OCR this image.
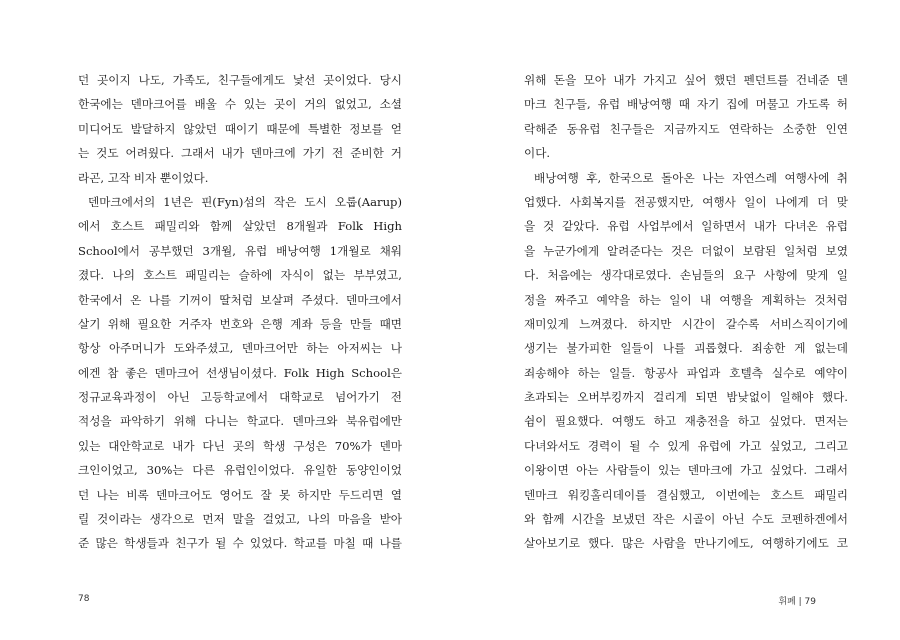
던 곳이지 나도, 가족도, 친구들에게도 낯선 곳이었다. 당시
한국에는 덴마크어를 배울 수 있는 곳이 거의 없었고, 소셜
미디어도 발달하지 않았던 때이기 때문에 특별한 정보를 얻
는 것도 어려웠다. 그래서 내가 덴마크에 가기 전 준비한 거
라곤, 고작 비자 뿐이었다.
덴마크에서의 1년은 핀(Fyn)섬의 작은 도시 오룹(Aarup)
에서 호스트 패밀리와 함께 살았던 8개월과 Folk High
School에서 공부했던 3개월, 유럽 배낭여행 1개월로 채워
졌다. 나의 호스트 패밀리는 슬하에 자식이 없는 부부였고,
한국에서 온 나를 기꺼이 딸처럼 보살펴 주셨다. 덴마크에서
살기 위해 필요한 거주자 번호와 은행 계좌 등을 만들 때면
항상 아주머니가 도와주셨고, 덴마크어만 하는 아저씨는 나
에겐 참 좋은 덴마크어 선생님이셨다. Folk High School은
정규교육과정이 아닌 고등학교에서 대학교로 넘어가기 전
적성을 파악하기 위해 다니는 학교다. 덴마크와 북유럽에만
있는 대안학교로 내가 다닌 곳의 학생 구성은 70%가 덴마
크인이었고, 30%는 다른 유럽인이었다. 유일한 동양인이었
던 나는 비록 덴마크어도 영어도 잘 못 하지만 두드리면 열
릴 것이라는 생각으로 먼저 말을 걸었고, 나의 마음을 받아
준 많은 학생들과 친구가 될 수 있었다. 학교를 마칠 때 나를
78
위해 돈을 모아 내가 가지고 싶어 했던 펜던트를 건네준 덴
마크 친구들, 유럽 배낭여행 때 자기 집에 머물고 가도록 허
락해준 동유럽 친구들은 지금까지도 연락하는 소중한 인연
이다.
배낭여행 후, 한국으로 돌아온 나는 자연스레 여행사에 취
업했다. 사회복지를 전공했지만, 여행사 일이 나에게 더 맞
을 것 같았다. 유럽 사업부에서 일하면서 내가 다녀온 유럽
을 누군가에게 알려준다는 것은 더없이 보람된 일처럼 보였
다. 처음에는 생각대로였다. 손님들의 요구 사항에 맞게 일
정을 짜주고 예약을 하는 일이 내 여행을 계획하는 것처럼
재미있게 느껴졌다. 하지만 시간이 갈수록 서비스직이기에
생기는 불가피한 일들이 나를 괴롭혔다. 죄송한 게 없는데
죄송해야 하는 일들. 항공사 파업과 호텔측 실수로 예약이
초과되는 오버부킹까지 걸리게 되면 밤낮없이 일해야 했다.
쉼이 필요했다. 여행도 하고 재충전을 하고 싶었다. 면저는
다녀와서도 경력이 될 수 있게 유럽에 가고 싶었고, 그리고
이왕이면 아는 사람들이 있는 덴마크에 가고 싶었다. 그래서
덴마크 워킹홀리데이를 결심했고, 이번에는 호스트 패밀리
와 함께 시간을 보냈던 작은 시골이 아닌 수도 코펜하겐에서
살아보기로 했다. 많은 사람을 만나기에도, 여행하기에도 코
휘폐 | 79
